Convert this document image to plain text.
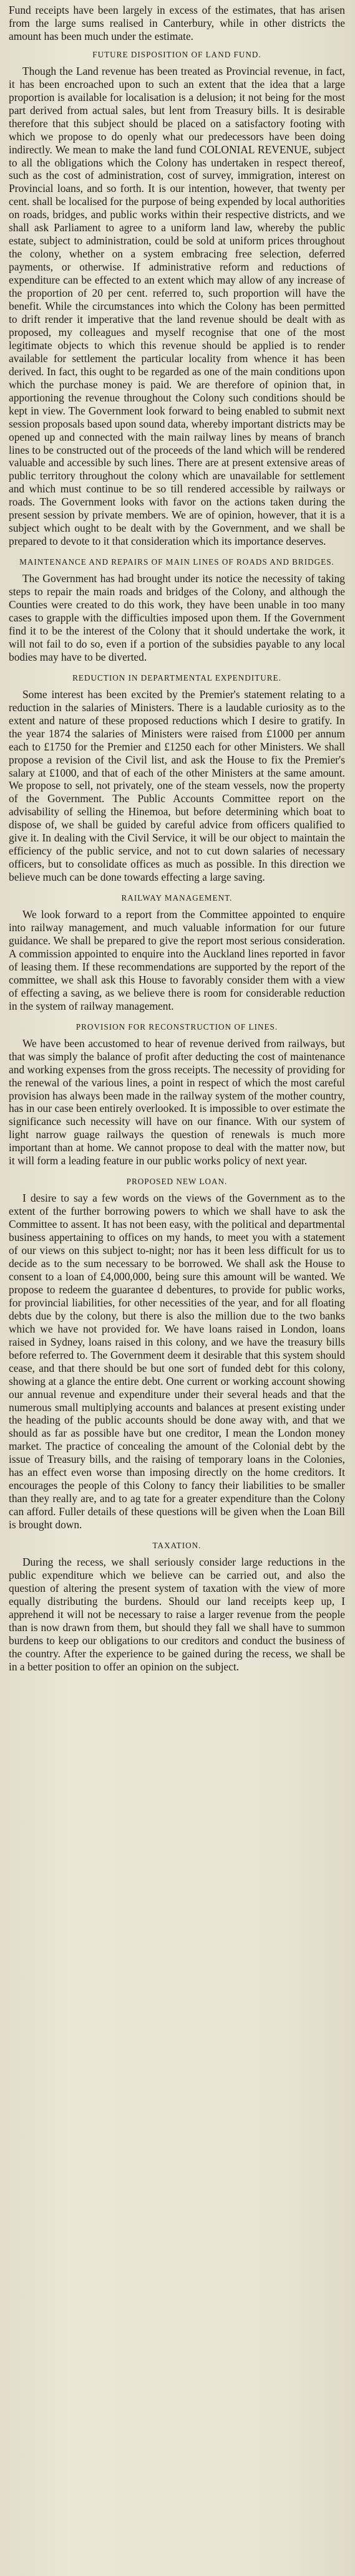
Fund receipts have been largely in excess of the estimates, that has arisen from the large sums realised in Canterbury, while in other districts the amount has been much under the estimate.

FUTURE DISPOSITION OF LAND FUND.

Though the Land revenue has been treated as Provincial revenue, in fact, it has been encroached upon to such an extent that the idea that a large proportion is available for localisation is a delusion; it not being for the most part derived from actual sales, but lent from Treasury bills. It is desirable therefore that this subject should be placed on a satisfactory footing with which we propose to do openly what our predecessors have been doing indirectly. We mean to make the land fund COLONIAL REVENUE, subject to all the obligations which the Colony has undertaken in respect thereof, such as the cost of administration, cost of survey, immigration, interest on Provincial loans, and so forth. It is our intention, however, that twenty per cent. shall be localised for the purpose of being expended by local authorities on roads, bridges, and public works within their respective districts, and we shall ask Parliament to agree to a uniform land law, whereby the public estate, subject to administration, could be sold at uniform prices throughout the colony, whether on a system embracing free selection, deferred payments, or otherwise. If administrative reform and reductions of expenditure can be effected to an extent which may allow of any increase of the proportion of 20 per cent. referred to, such proportion will have the benefit. While the circumstances into which the Colony has been permitted to drift render it imperative that the land revenue should be dealt with as proposed, my colleagues and myself recognise that one of the most legitimate objects to which this revenue should be applied is to render available for settlement the particular locality from whence it has been derived. In fact, this ought to be regarded as one of the main conditions upon which the purchase money is paid. We are therefore of opinion that, in apportioning the revenue throughout the Colony such conditions should be kept in view. The Government look forward to being enabled to submit next session proposals based upon sound data, whereby important districts may be opened up and connected with the main railway lines by means of branch lines to be constructed out of the proceeds of the land which will be rendered valuable and accessible by such lines. There are at present extensive areas of public territory throughout the colony which are unavailable for settlement and which must continue to be so till rendered accessible by railways or roads. The Government looks with favor on the actions taken during the present session by private members. We are of opinion, however, that it is a subject which ought to be dealt with by the Government, and we shall be prepared to devote to it that consideration which its importance deserves.

MAINTENANCE AND REPAIRS OF MAIN LINES OF ROADS AND BRIDGES.

The Government has had brought under its notice the necessity of taking steps to repair the main roads and bridges of the Colony, and although the Counties were created to do this work, they have been unable in too many cases to grapple with the difficulties imposed upon them. If the Government find it to be the interest of the Colony that it should undertake the work, it will not fail to do so, even if a portion of the subsidies payable to any local bodies may have to be diverted.

REDUCTION IN DEPARTMENTAL EXPENDITURE.

Some interest has been excited by the Premier's statement relating to a reduction in the salaries of Ministers. There is a laudable curiosity as to the extent and nature of these proposed reductions which I desire to gratify. In the year 1874 the salaries of Ministers were raised from £1000 per annum each to £1750 for the Premier and £1250 each for other Ministers. We shall propose a revision of the Civil list, and ask the House to fix the Premier's salary at £1000, and that of each of the other Ministers at the same amount. We propose to sell, not privately, one of the steam vessels, now the property of the Government. The Public Accounts Committee report on the advisability of selling the Hinemoa, but before determining which boat to dispose of, we shall be guided by careful advice from officers qualified to give it. In dealing with the Civil Service, it will be our object to maintain the efficiency of the public service, and not to cut down salaries of necessary officers, but to consolidate offices as much as possible. In this direction we believe much can be done towards effecting a large saving.

RAILWAY MANAGEMENT.

We look forward to a report from the Committee appointed to enquire into railway management, and much valuable information for our future guidance. We shall be prepared to give the report most serious consideration. A commission appointed to enquire into the Auckland lines reported in favor of leasing them. If these recommendations are supported by the report of the committee, we shall ask this House to favorably consider them with a view of effecting a saving, as we believe there is room for considerable reduction in the system of railway management.

PROVISION FOR RECONSTRUCTION OF LINES.

We have been accustomed to hear of revenue derived from railways, but that was simply the balance of profit after deducting the cost of maintenance and working expenses from the gross receipts. The necessity of providing for the renewal of the various lines, a point in respect of which the most careful provision has always been made in the railway system of the mother country, has in our case been entirely overlooked. It is impossible to over estimate the significance such necessity will have on our finance. With our system of light narrow guage railways the question of renewals is much more important than at home. We cannot propose to deal with the matter now, but it will form a leading feature in our public works policy of next year.

PROPOSED NEW LOAN.

I desire to say a few words on the views of the Government as to the extent of the further borrowing powers to which we shall have to ask the Committee to assent. It has not been easy, with the political and departmental business appertaining to offices on my hands, to meet you with a statement of our views on this subject to-night; nor has it been less difficult for us to decide as to the sum necessary to be borrowed. We shall ask the House to consent to a loan of £4,000,000, being sure this amount will be wanted. We propose to redeem the guarantee d debentures, to provide for public works, for provincial liabilities, for other necessities of the year, and for all floating debts due by the colony, but there is also the million due to the two banks which we have not provided for. We have loans raised in London, loans raised in Sydney, loans raised in this colony, and we have the treasury bills before referred to. The Government deem it desirable that this system should cease, and that there should be but one sort of funded debt for this colony, showing at a glance the entire debt. One current or working account showing our annual revenue and expenditure under their several heads and that the numerous small multiplying accounts and balances at present existing under the heading of the public accounts should be done away with, and that we should as far as possible have but one creditor, I mean the London money market. The practice of concealing the amount of the Colonial debt by the issue of Treasury bills, and the raising of temporary loans in the Colonies, has an effect even worse than imposing directly on the home creditors. It encourages the people of this Colony to fancy their liabilities to be smaller than they really are, and to ag tate for a greater expenditure than the Colony can afford. Fuller details of these questions will be given when the Loan Bill is brought down.

TAXATION.

During the recess, we shall seriously consider large reductions in the public expenditure which we believe can be carried out, and also the question of altering the present system of taxation with the view of more equally distributing the burdens. Should our land receipts keep up, I apprehend it will not be necessary to raise a larger revenue from the people than is now drawn from them, but should they fall we shall have to summon burdens to keep our obligations to our creditors and conduct the business of the country. After the experience to be gained during the recess, we shall be in a better position to offer an opinion on the subject.
